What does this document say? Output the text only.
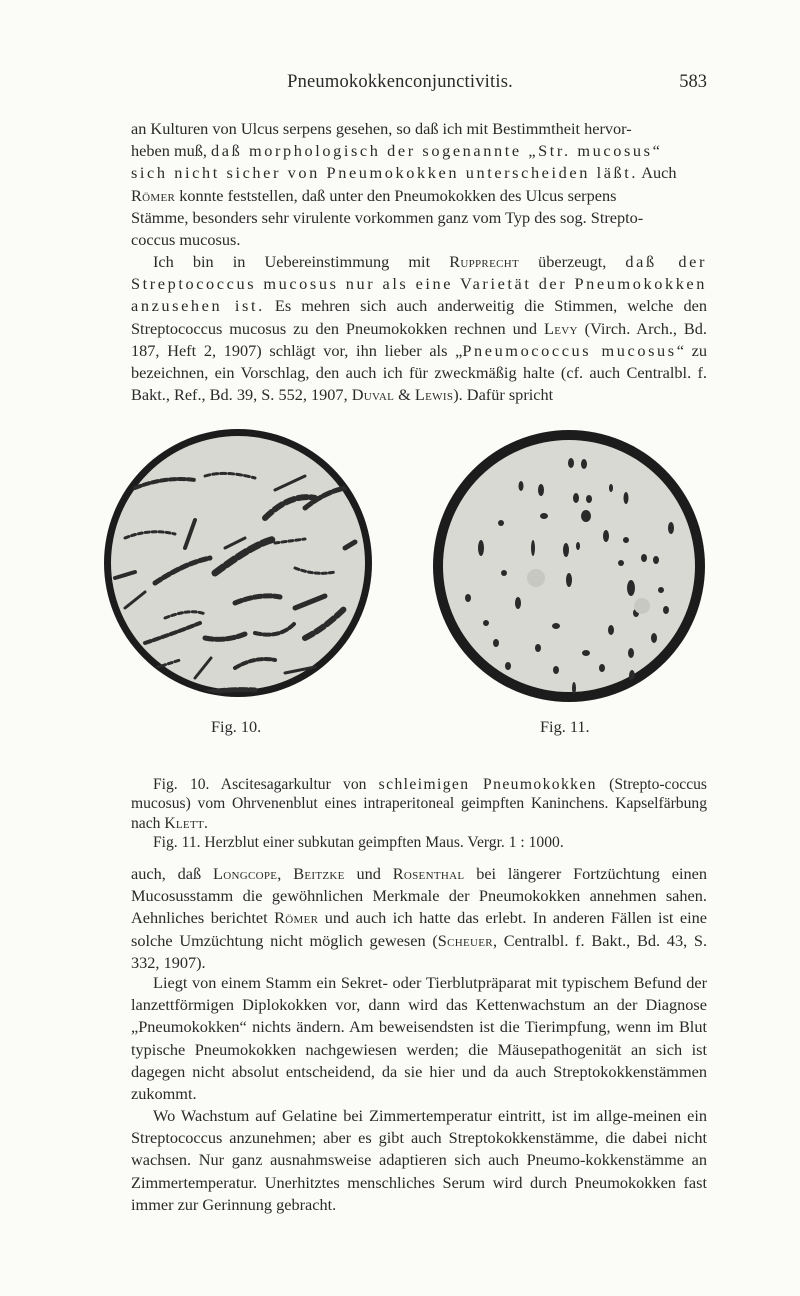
Pneumokokkenconjunctivitis.	583

an Kulturen von Ulcus serpens gesehen, so daß ich mit Bestimmtheit hervor-

heben muß, daß morphologisch der sogenannte „Str. mucosus“

sich nicht sicher von Pneumokokken unterscheiden läßt. Auch

Römer konnte feststellen, daß unter den Pneumokokken des Ulcus serpens

Stämme, besonders sehr virulente vorkommen ganz vom Typ des sog. Strepto-

coccus mucosus.

Ich bin in Uebereinstimmung mit Rupprecht überzeugt, daß der Streptococcus mucosus nur als eine Varietät der Pneumokokken anzusehen ist. Es mehren sich auch anderweitig die Stimmen, welche den Streptococcus mucosus zu den Pneumokokken rechnen und Levy (Virch. Arch., Bd. 187, Heft 2, 1907) schlägt vor, ihn lieber als „Pneumococcus mucosus“ zu bezeichnen, ein Vorschlag, den auch ich für zweckmäßig halte (cf. auch Centralbl. f. Bakt., Ref., Bd. 39, S. 552, 1907, Duval & Lewis). Dafür spricht

Fig. 10.	Fig. 11.

Fig. 10. Ascitesagarkultur von schleimigen Pneumokokken (Strepto-coccus mucosus) vom Ohrvenenblut eines intraperitoneal geimpften Kaninchens. Kapselfärbung nach Klett.

Fig. 11. Herzblut einer subkutan geimpften Maus. Vergr. 1 : 1000.

auch, daß Longcope, Beitzke und Rosenthal bei längerer Fortzüchtung einen Mucosusstamm die gewöhnlichen Merkmale der Pneumokokken annehmen sahen. Aehnliches berichtet Römer und auch ich hatte das erlebt. In anderen Fällen ist eine solche Umzüchtung nicht möglich gewesen (Scheuer, Centralbl. f. Bakt., Bd. 43, S. 332, 1907).

Liegt von einem Stamm ein Sekret- oder Tierblutpräparat mit typischem Befund der lanzettförmigen Diplokokken vor, dann wird das Kettenwachstum an der Diagnose „Pneumokokken“ nichts ändern. Am beweisendsten ist die Tierimpfung, wenn im Blut typische Pneumokokken nachgewiesen werden; die Mäusepathogenität an sich ist dagegen nicht absolut entscheidend, da sie hier und da auch Streptokokkenstämmen zukommt.

Wo Wachstum auf Gelatine bei Zimmertemperatur eintritt, ist im allge-meinen ein Streptococcus anzunehmen; aber es gibt auch Streptokokkenstämme, die dabei nicht wachsen. Nur ganz ausnahmsweise adaptieren sich auch Pneumo-kokkenstämme an Zimmertemperatur. Unerhitztes menschliches Serum wird durch Pneumokokken fast immer zur Gerinnung gebracht.
